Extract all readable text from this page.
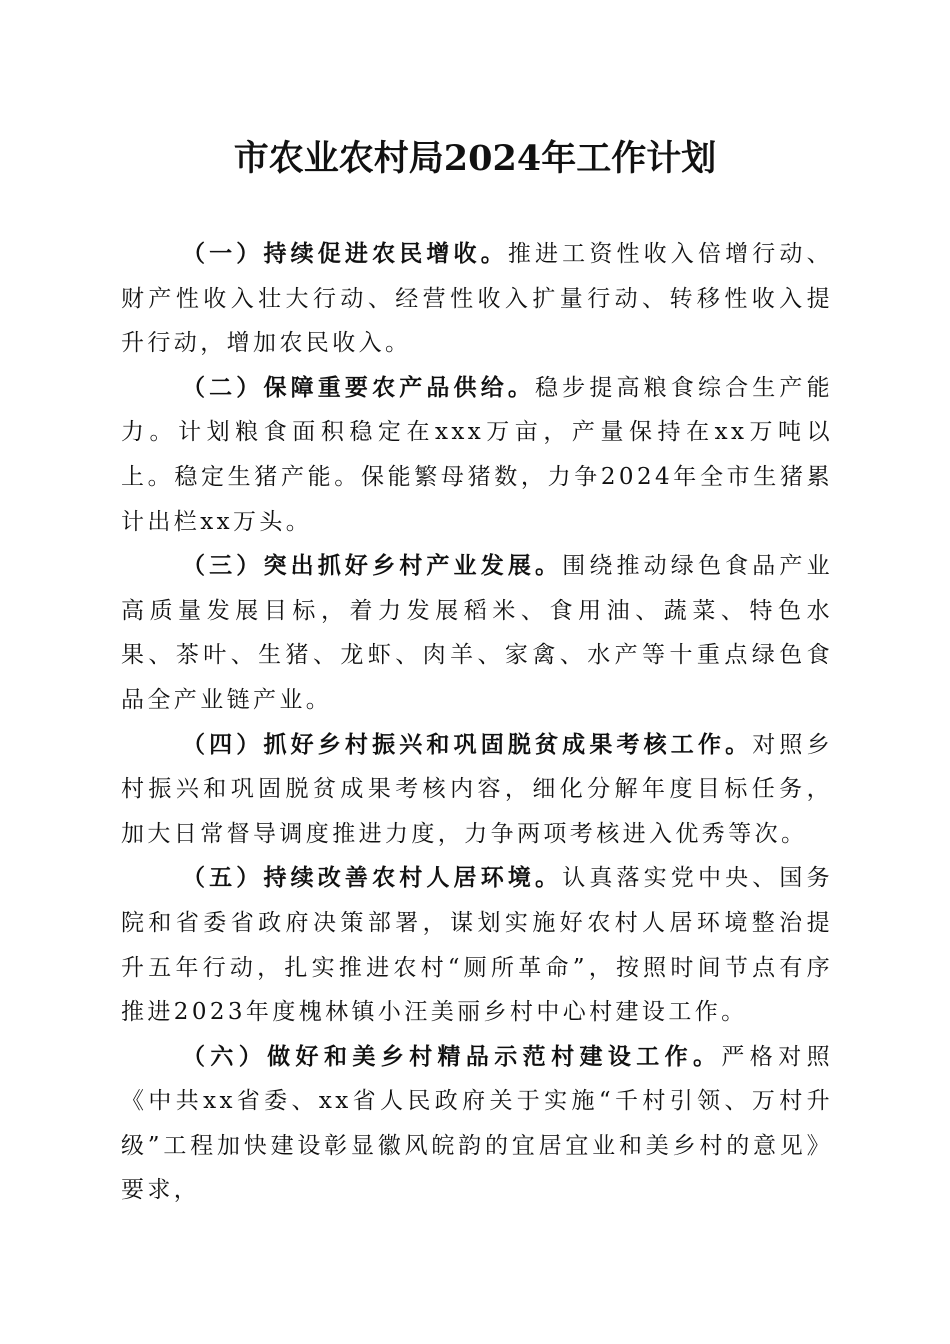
市农业农村局2024年工作计划

（一）持续促进农民增收。推进工资性收入倍增行动、财产性收入壮大行动、经营性收入扩量行动、转移性收入提升行动，增加农民收入。

（二）保障重要农产品供给。稳步提高粮食综合生产能力。计划粮食面积稳定在xxx万亩，产量保持在xx万吨以上。稳定生猪产能。保能繁母猪数，力争2024年全市生猪累计出栏xx万头。

（三）突出抓好乡村产业发展。围绕推动绿色食品产业高质量发展目标，着力发展稻米、食用油、蔬菜、特色水果、茶叶、生猪、龙虾、肉羊、家禽、水产等十重点绿色食品全产业链产业。

（四）抓好乡村振兴和巩固脱贫成果考核工作。对照乡村振兴和巩固脱贫成果考核内容，细化分解年度目标任务，加大日常督导调度推进力度，力争两项考核进入优秀等次。

（五）持续改善农村人居环境。认真落实党中央、国务院和省委省政府决策部署，谋划实施好农村人居环境整治提升五年行动，扎实推进农村“厕所革命”，按照时间节点有序推进2023年度槐林镇小汪美丽乡村中心村建设工作。

（六）做好和美乡村精品示范村建设工作。严格对照《中共xx省委、xx省人民政府关于实施“千村引领、万村升级”工程加快建设彰显徽风皖韵的宜居宜业和美乡村的意见》要求，
